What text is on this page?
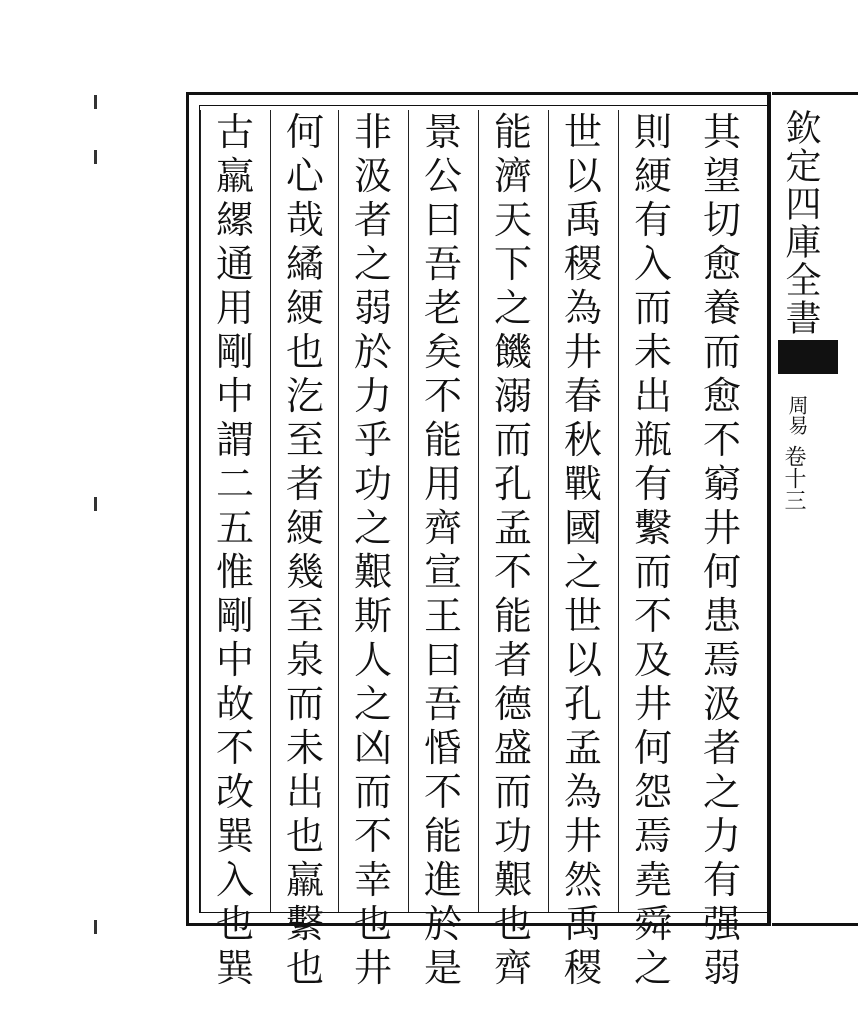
其
望
切
愈
養
而
愈
不
窮
井
何
患
焉
汲
者
之
力
有
强
弱
則
綆
有
入
而
未
出
瓶
有
繫
而
不
及
井
何
怨
焉
堯
舜
之
世
以
禹
稷
為
井
春
秋
戰
國
之
世
以
孔
孟
為
井
然
禹
稷
能
濟
天
下
之
饑
溺
而
孔
孟
不
能
者
德
盛
而
功
艱
也
齊
景
公
曰
吾
老
矣
不
能
用
齊
宣
王
曰
吾
惛
不
能
進
於
是
非
汲
者
之
弱
於
力
乎
功
之
艱
斯
人
之
凶
而
不
幸
也
井
何
心
哉
繘
綆
也
汔
至
者
綆
幾
至
泉
而
未
出
也
羸
繫
也
古
羸
縲
通
用
剛
中
謂
二
五
惟
剛
中
故
不
改
巽
入
也
巽
欽定四庫全書
周易
卷十三
